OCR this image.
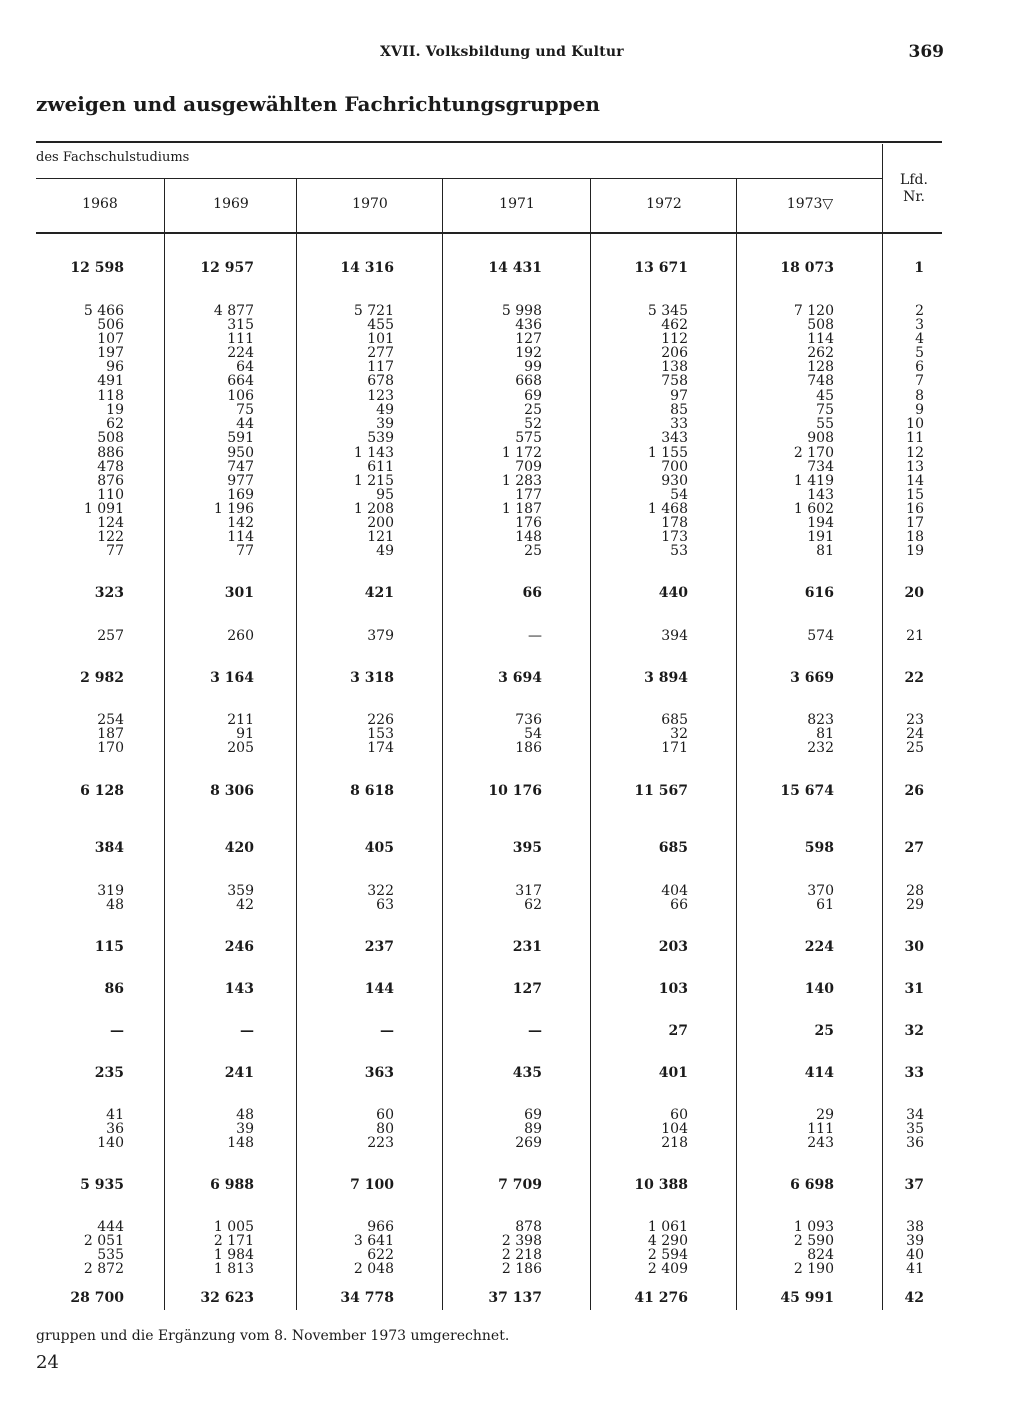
XVII. Volksbildung und Kultur	369
zweigen und ausgewählten Fachrichtungsgruppen
des Fachschulstudiums
1968	1969	1970	1971	1972	1973▽
Lfd.
Nr.
12 598	12 957	14 316	14 431	13 671	18 073	1
5 466	4 877	5 721	5 998	5 345	7 120	2
506	315	455	436	462	508	3
107	111	101	127	112	114	4
197	224	277	192	206	262	5
96	64	117	99	138	128	6
491	664	678	668	758	748	7
118	106	123	69	97	45	8
19	75	49	25	85	75	9
62	44	39	52	33	55	10
508	591	539	575	343	908	11
886	950	1 143	1 172	1 155	2 170	12
478	747	611	709	700	734	13
876	977	1 215	1 283	930	1 419	14
110	169	95	177	54	143	15
1 091	1 196	1 208	1 187	1 468	1 602	16
124	142	200	176	178	194	17
122	114	121	148	173	191	18
77	77	49	25	53	81	19
323	301	421	66	440	616	20
257	260	379	—	394	574	21
2 982	3 164	3 318	3 694	3 894	3 669	22
254	211	226	736	685	823	23
187	91	153	54	32	81	24
170	205	174	186	171	232	25
6 128	8 306	8 618	10 176	11 567	15 674	26
384	420	405	395	685	598	27
319	359	322	317	404	370	28
48	42	63	62	66	61	29
115	246	237	231	203	224	30
86	143	144	127	103	140	31
—	—	—	—	27	25	32
235	241	363	435	401	414	33
41	48	60	69	60	29	34
36	39	80	89	104	111	35
140	148	223	269	218	243	36
5 935	6 988	7 100	7 709	10 388	6 698	37
444	1 005	966	878	1 061	1 093	38
2 051	2 171	3 641	2 398	4 290	2 590	39
535	1 984	622	2 218	2 594	824	40
2 872	1 813	2 048	2 186	2 409	2 190	41
28 700	32 623	34 778	37 137	41 276	45 991	42
gruppen und die Ergänzung vom 8. November 1973 umgerechnet.
24
